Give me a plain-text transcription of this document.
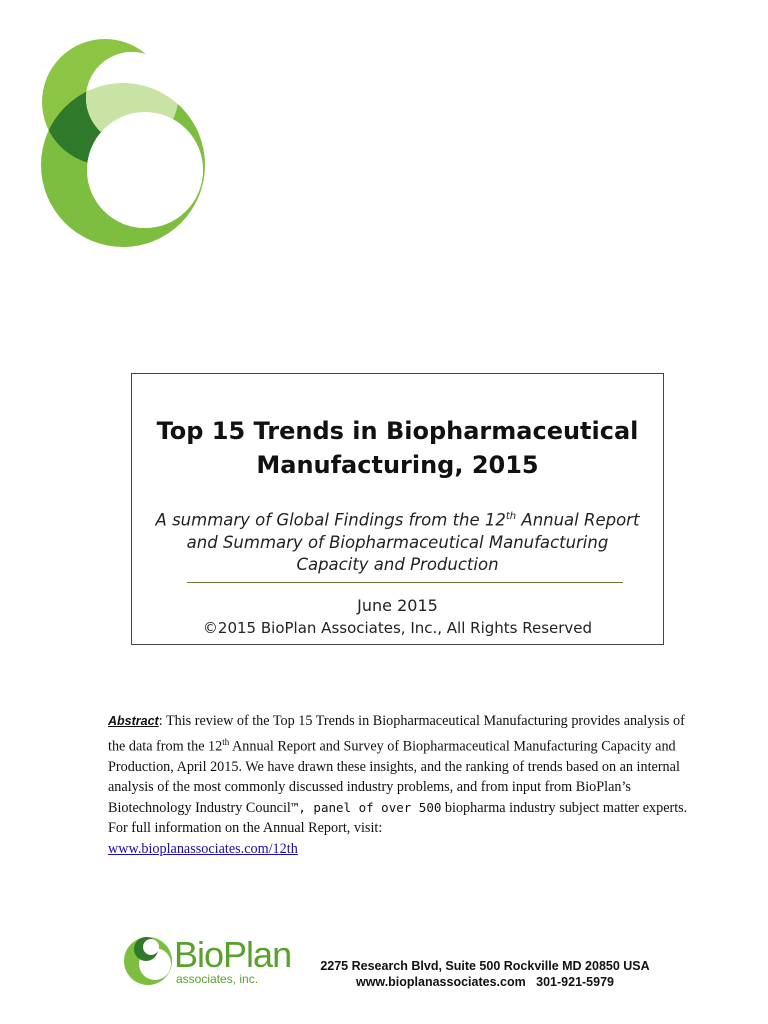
Top 15 Trends in Biopharmaceutical
Manufacturing, 2015
A summary of Global Findings from the 12th Annual Report
and Summary of Biopharmaceutical Manufacturing
Capacity and Production
June 2015
©2015 BioPlan Associates, Inc., All Rights Reserved
Abstract: This review of the Top 15 Trends in Biopharmaceutical Manufacturing provides analysis of the data from the 12th Annual Report and Survey of Biopharmaceutical Manufacturing Capacity and Production, April 2015. We have drawn these insights, and the ranking of trends based on an internal analysis of the most commonly discussed industry problems, and from input from BioPlan’s Biotechnology Industry Council™, panel of over 500 biopharma industry subject matter experts. For full information on the Annual Report, visit:
www.bioplanassociates.com/12th
BioPlan
associates, inc.
2275 Research Blvd, Suite 500 Rockville MD 20850 USA
www.bioplanassociates.com 301-921-5979
